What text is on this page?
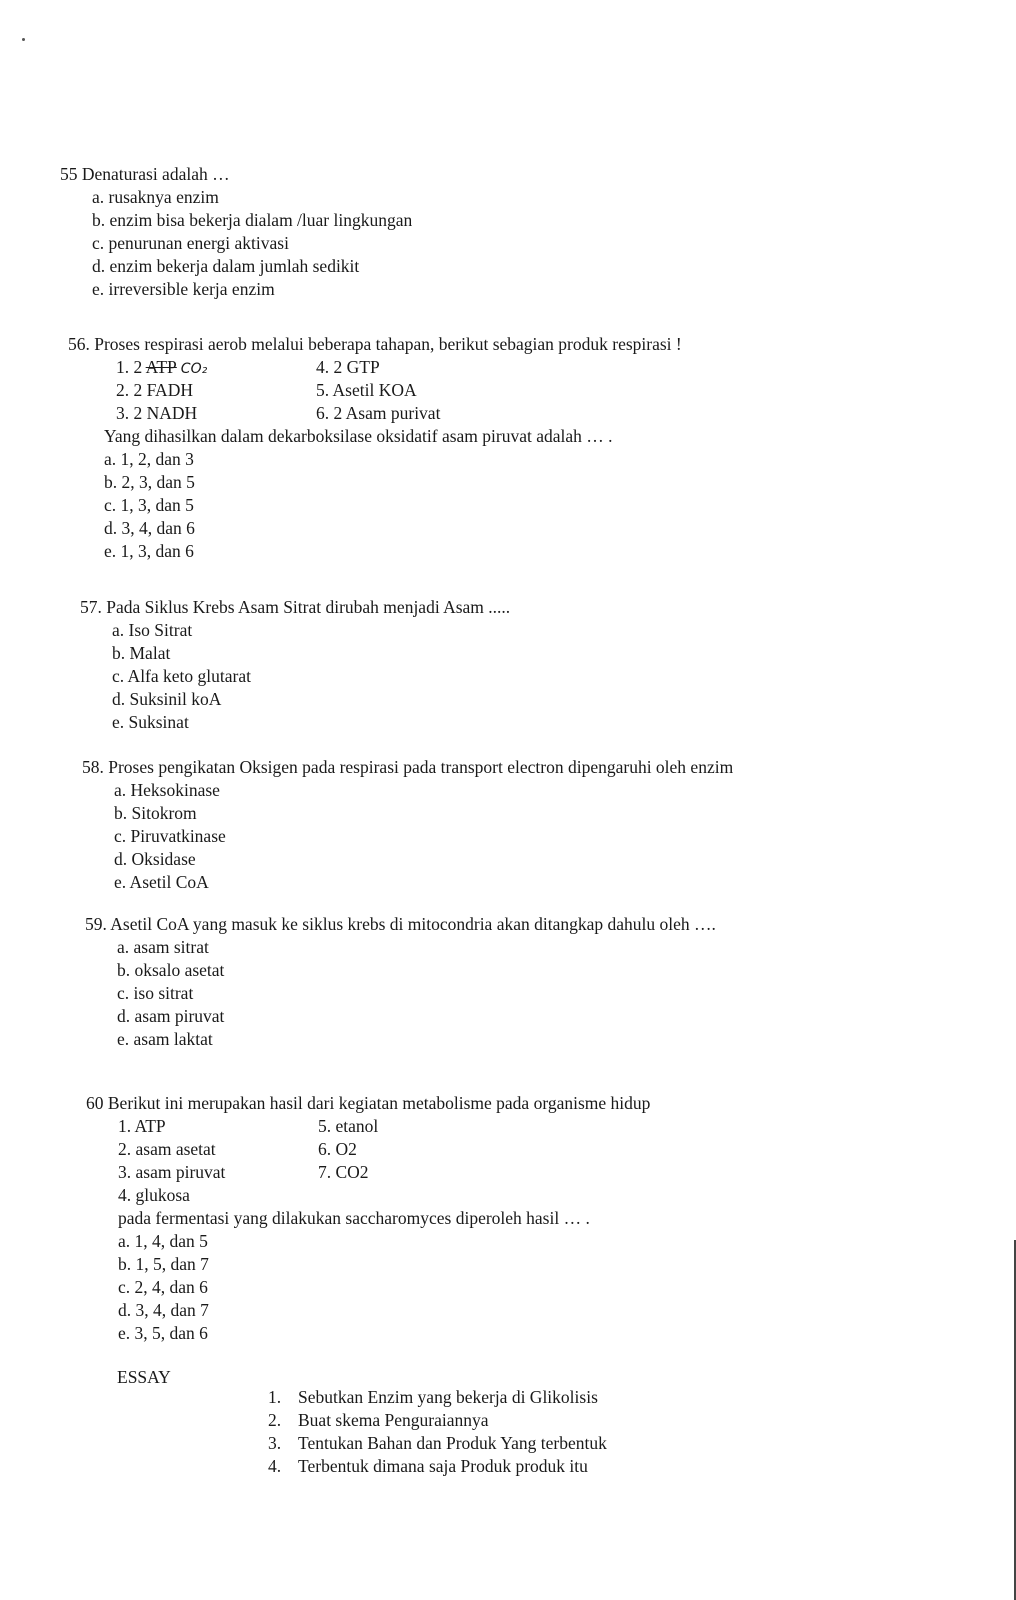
55 Denaturasi adalah …
a. rusaknya enzim
b. enzim bisa bekerja dialam /luar lingkungan
c. penurunan energi aktivasi
d. enzim bekerja dalam jumlah sedikit
e. irreversible kerja enzim
56. Proses respirasi aerob melalui beberapa tahapan, berikut sebagian produk respirasi !
1. 2 ATP CO₂	4. 2 GTP
2. 2 FADH	5. Asetil KOA
3. 2 NADH	6. 2 Asam purivat
Yang dihasilkan dalam dekarboksilase oksidatif asam piruvat adalah … .
a. 1, 2, dan 3
b. 2, 3, dan 5
c. 1, 3, dan 5
d. 3, 4, dan 6
e. 1, 3, dan 6
57. Pada Siklus Krebs Asam Sitrat dirubah menjadi Asam .....
a. Iso Sitrat
b. Malat
c. Alfa keto glutarat
d. Suksinil koA
e. Suksinat
58. Proses pengikatan Oksigen pada respirasi pada transport electron dipengaruhi oleh enzim
a. Heksokinase
b. Sitokrom
c. Piruvatkinase
d. Oksidase
e. Asetil CoA
59. Asetil CoA yang masuk ke siklus krebs di mitocondria akan ditangkap dahulu oleh ….
a. asam sitrat
b. oksalo asetat
c. iso sitrat
d. asam piruvat
e. asam laktat
60 Berikut ini merupakan hasil dari kegiatan metabolisme pada organisme hidup
1. ATP	5. etanol
2. asam asetat	6. O2
3. asam piruvat	7. CO2
4. glukosa
pada fermentasi yang dilakukan saccharomyces diperoleh hasil … .
a. 1, 4, dan 5
b. 1, 5, dan 7
c. 2, 4, dan 6
d. 3, 4, dan 7
e. 3, 5, dan 6
ESSAY
1. Sebutkan Enzim yang bekerja di Glikolisis
2. Buat skema Penguraiannya
3. Tentukan Bahan dan Produk Yang terbentuk
4. Terbentuk dimana saja Produk produk itu
